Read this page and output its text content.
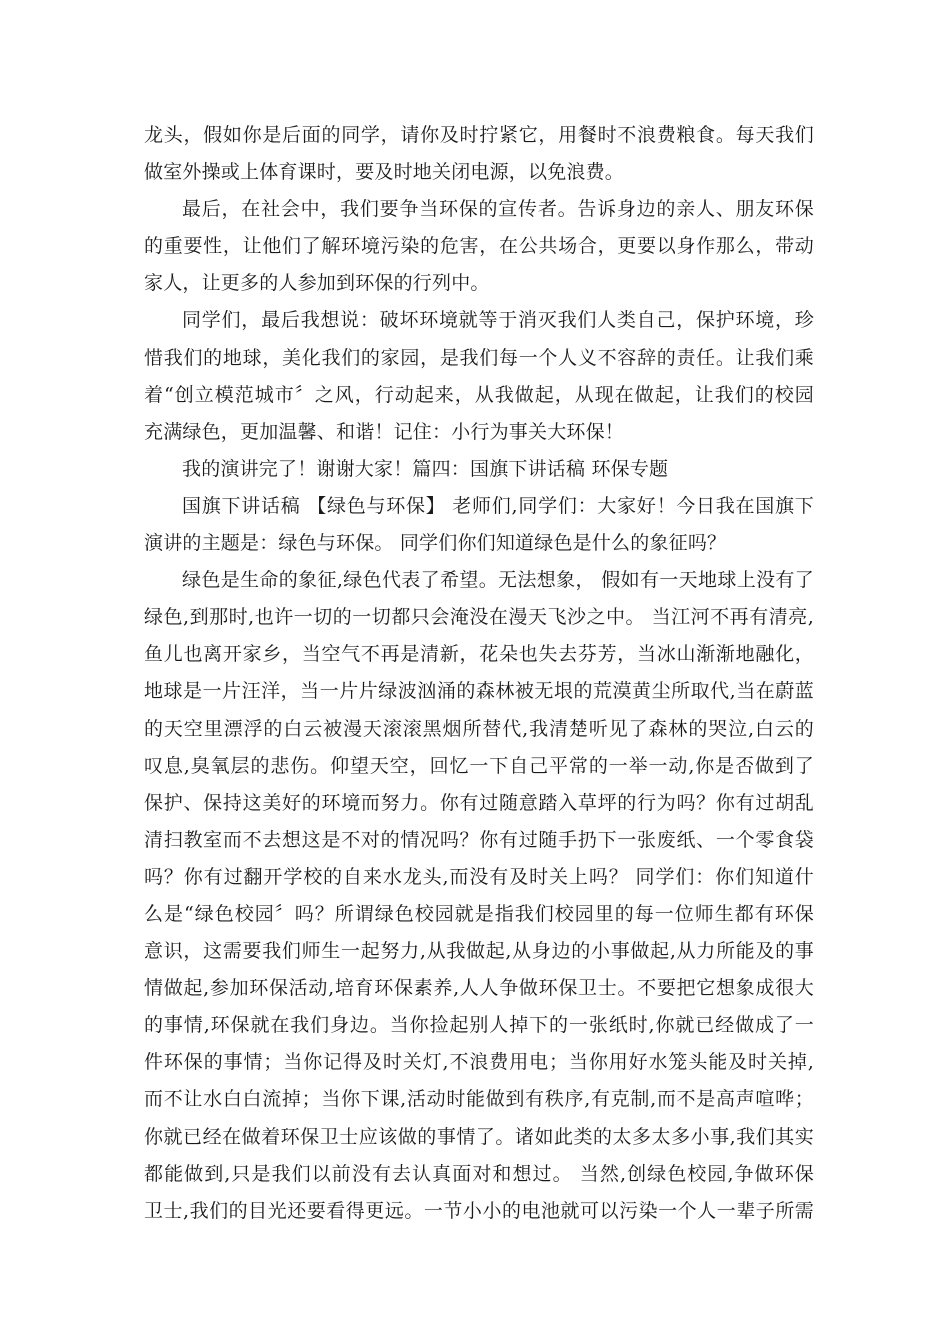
龙头，假如你是后面的同学，请你及时拧紧它，用餐时不浪费粮食。每天我们
做室外操或上体育课时，要及时地关闭电源，以免浪费。
最后，在社会中，我们要争当环保的宣传者。告诉身边的亲人、朋友环保
的重要性，让他们了解环境污染的危害，在公共场合，更要以身作那么，带动
家人，让更多的人参加到环保的行列中。
同学们，最后我想说：破坏环境就等于消灭我们人类自己，保护环境，珍
惜我们的地球，美化我们的家园，是我们每一个人义不容辞的责任。让我们乘
着“创立模范城市〞之风，行动起来，从我做起，从现在做起，让我们的校园
充满绿色，更加温馨、和谐！记住：小行为事关大环保！
我的演讲完了！谢谢大家！篇四：国旗下讲话稿 环保专题
国旗下讲话稿 【绿色与环保】 老师们,同学们：大家好！今日我在国旗下
演讲的主题是：绿色与环保。 同学们你们知道绿色是什么的象征吗？
绿色是生命的象征,绿色代表了希望。无法想象， 假如有一天地球上没有了
绿色,到那时,也许一切的一切都只会淹没在漫天飞沙之中。 当江河不再有清亮,
鱼儿也离开家乡，当空气不再是清新，花朵也失去芬芳，当冰山渐渐地融化，
地球是一片汪洋，当一片片绿波汹涌的森林被无垠的荒漠黄尘所取代,当在蔚蓝
的天空里漂浮的白云被漫天滚滚黑烟所替代,我清楚听见了森林的哭泣,白云的
叹息,臭氧层的悲伤。仰望天空，回忆一下自己平常的一举一动,你是否做到了
保护、保持这美好的环境而努力。你有过随意踏入草坪的行为吗？你有过胡乱
清扫教室而不去想这是不对的情况吗？你有过随手扔下一张废纸、一个零食袋
吗？你有过翻开学校的自来水龙头,而没有及时关上吗？ 同学们：你们知道什
么是“绿色校园〞吗？所谓绿色校园就是指我们校园里的每一位师生都有环保
意识，这需要我们师生一起努力,从我做起,从身边的小事做起,从力所能及的事
情做起,参加环保活动,培育环保素养,人人争做环保卫士。不要把它想象成很大
的事情,环保就在我们身边。当你捡起别人掉下的一张纸时,你就已经做成了一
件环保的事情；当你记得及时关灯,不浪费用电；当你用好水笼头能及时关掉,
而不让水白白流掉；当你下课,活动时能做到有秩序,有克制,而不是高声喧哗；
你就已经在做着环保卫士应该做的事情了。诸如此类的太多太多小事,我们其实
都能做到,只是我们以前没有去认真面对和想过。 当然,创绿色校园,争做环保
卫士,我们的目光还要看得更远。一节小小的电池就可以污染一个人一辈子所需
